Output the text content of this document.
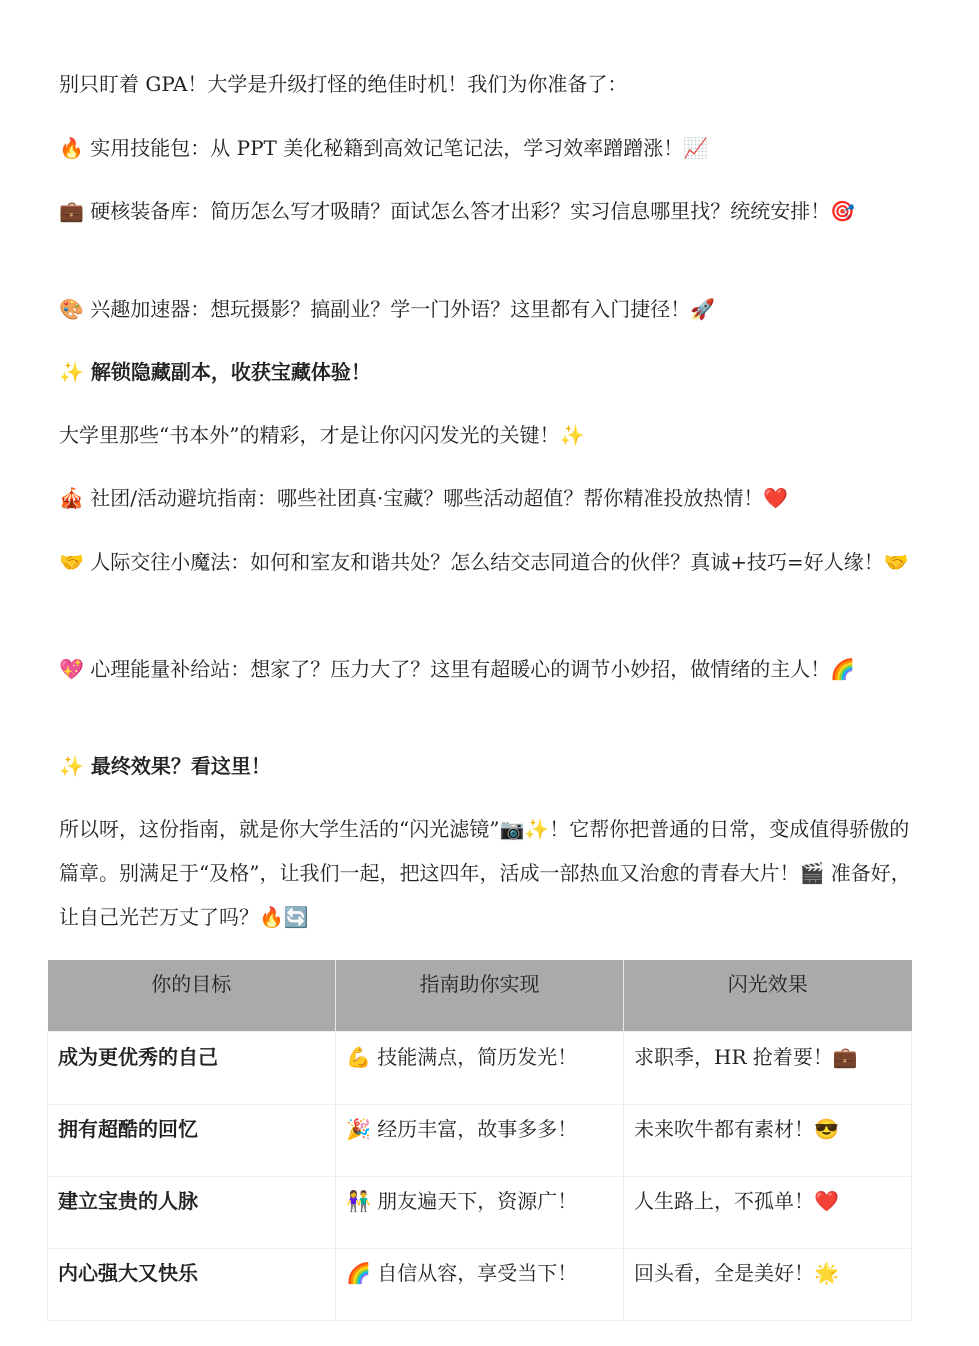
别只盯着 GPA！大学是升级打怪的绝佳时机！我们为你准备了：

🔥 实用技能包：从 PPT 美化秘籍到高效记笔记法，学习效率蹭蹭涨！📈

💼 硬核装备库：简历怎么写才吸睛？面试怎么答才出彩？实习信息哪里找？统统安排！🎯

🎨 兴趣加速器：想玩摄影？搞副业？学一门外语？这里都有入门捷径！🚀

✨ 解锁隐藏副本，收获宝藏体验！

大学里那些“书本外”的精彩，才是让你闪闪发光的关键！✨

🎪 社团/活动避坑指南：哪些社团真·宝藏？哪些活动超值？帮你精准投放热情！❤️

🤝 人际交往小魔法：如何和室友和谐共处？怎么结交志同道合的伙伴？真诚+技巧=好人缘！🤝

💖 心理能量补给站：想家了？压力大了？这里有超暖心的调节小妙招，做情绪的主人！🌈

✨ 最终效果？看这里！

所以呀，这份指南，就是你大学生活的“闪光滤镜”📷✨！它帮你把普通的日常，变成值得骄傲的篇章。别满足于“及格”，让我们一起，把这四年，活成一部热血又治愈的青春大片！🎬 准备好，让自己光芒万丈了吗？🔥🔄

你的目标	指南助你实现	闪光效果
成为更优秀的自己	💪 技能满点，简历发光！	求职季，HR 抢着要！💼
拥有超酷的回忆	🎉 经历丰富，故事多多！	未来吹牛都有素材！😎
建立宝贵的人脉	👫 朋友遍天下，资源广！	人生路上，不孤单！❤️
内心强大又快乐	🌈 自信从容，享受当下！	回头看，全是美好！🌟
